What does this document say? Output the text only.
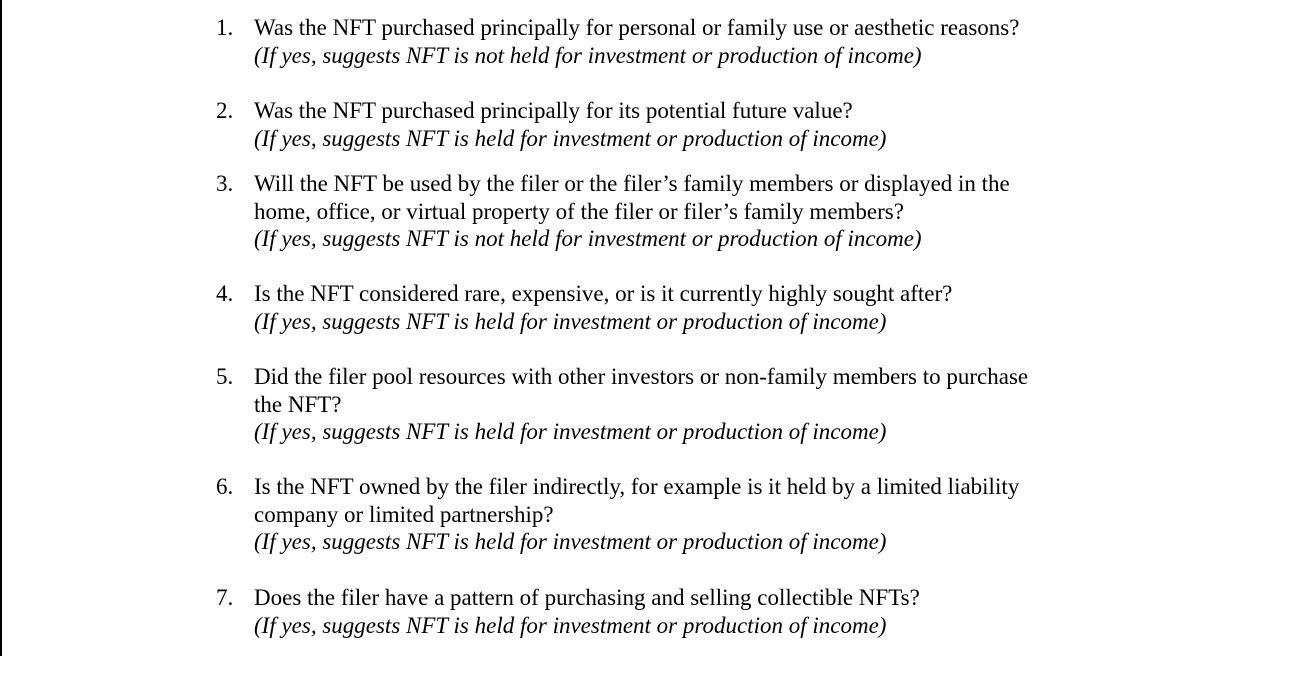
1. Was the NFT purchased principally for personal or family use or aesthetic reasons?
(If yes, suggests NFT is not held for investment or production of income)
2. Was the NFT purchased principally for its potential future value?
(If yes, suggests NFT is held for investment or production of income)
3. Will the NFT be used by the filer or the filer’s family members or displayed in the
home, office, or virtual property of the filer or filer’s family members?
(If yes, suggests NFT is not held for investment or production of income)
4. Is the NFT considered rare, expensive, or is it currently highly sought after?
(If yes, suggests NFT is held for investment or production of income)
5. Did the filer pool resources with other investors or non-family members to purchase
the NFT?
(If yes, suggests NFT is held for investment or production of income)
6. Is the NFT owned by the filer indirectly, for example is it held by a limited liability
company or limited partnership?
(If yes, suggests NFT is held for investment or production of income)
7. Does the filer have a pattern of purchasing and selling collectible NFTs?
(If yes, suggests NFT is held for investment or production of income)
